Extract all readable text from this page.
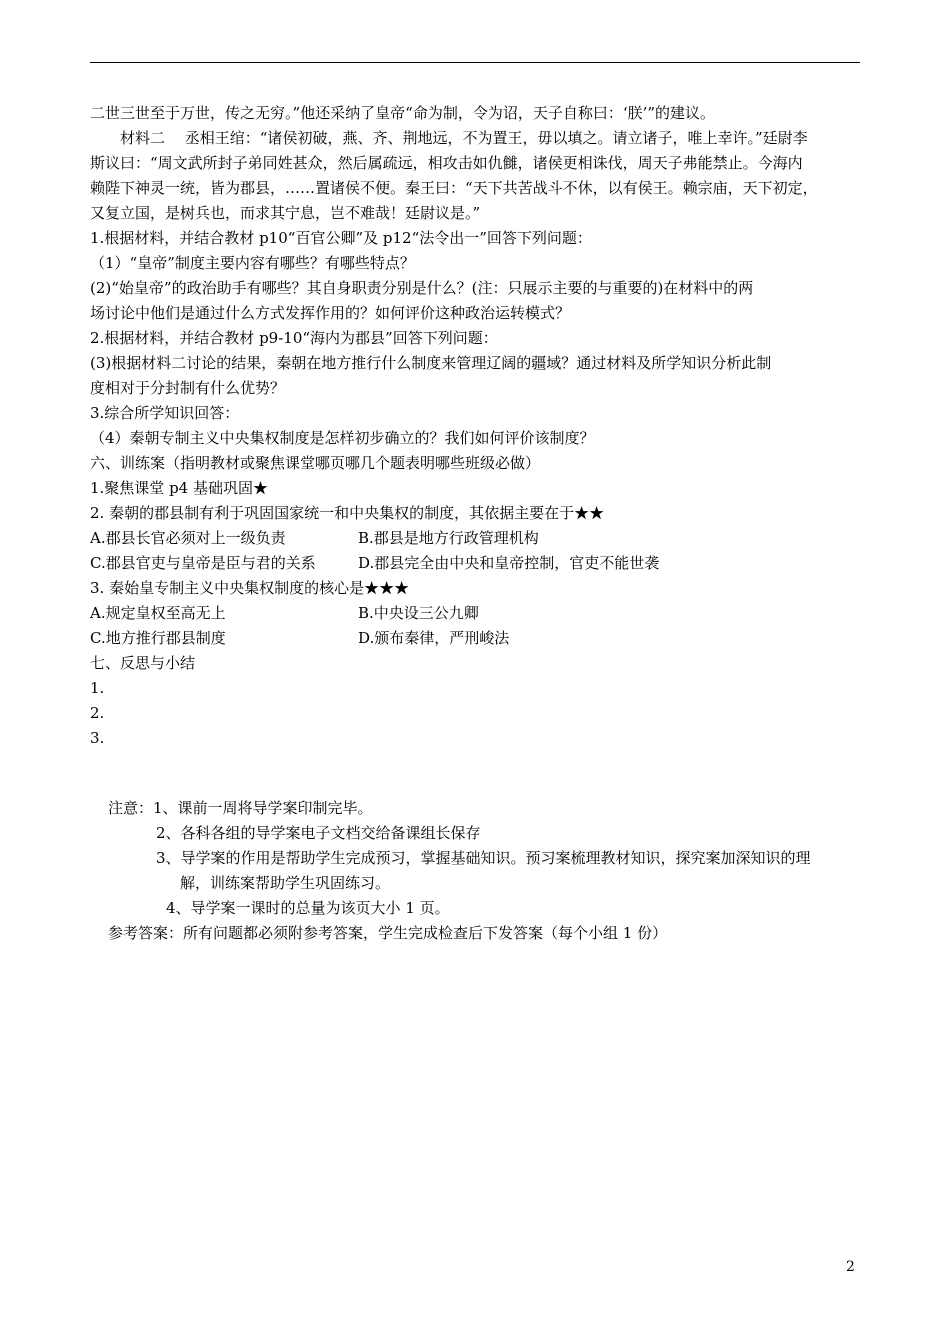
二世三世至于万世，传之无穷。”他还采纳了皇帝“命为制，令为诏，天子自称曰：‘朕’”的建议。
材料二　 丞相王绾：“诸侯初破，燕、齐、荆地远，不为置王，毋以填之。请立诸子，唯上幸许。”廷尉李
斯议曰：“周文武所封子弟同姓甚众，然后属疏远，相攻击如仇雠，诸侯更相诛伐，周天子弗能禁止。今海内
赖陛下神灵一统，皆为郡县，……置诸侯不便。秦王曰：“天下共苦战斗不休，以有侯王。赖宗庙，天下初定，
又复立国，是树兵也，而求其宁息，岂不难哉！廷尉议是。”
1.根据材料，并结合教材 p10“百官公卿”及 p12“法令出一”回答下列问题：
（1）“皇帝”制度主要内容有哪些？有哪些特点？
(2)“始皇帝”的政治助手有哪些？其自身职责分别是什么？(注：只展示主要的与重要的)在材料中的两
场讨论中他们是通过什么方式发挥作用的？如何评价这种政治运转模式？
2.根据材料，并结合教材 p9-10“海内为郡县”回答下列问题：
(3)根据材料二讨论的结果，秦朝在地方推行什么制度来管理辽阔的疆域？通过材料及所学知识分析此制
度相对于分封制有什么优势？
3.综合所学知识回答：
（4）秦朝专制主义中央集权制度是怎样初步确立的？我们如何评价该制度？
六、训练案（指明教材或聚焦课堂哪页哪几个题表明哪些班级必做）
1.聚焦课堂 p4 基础巩固★
2. 秦朝的郡县制有利于巩固国家统一和中央集权的制度，其依据主要在于★★
A.郡县长官必须对上一级负责	B.郡县是地方行政管理机构
C.郡县官吏与皇帝是臣与君的关系	D.郡县完全由中央和皇帝控制，官吏不能世袭
3. 秦始皇专制主义中央集权制度的核心是★★★
A.规定皇权至高无上	B.中央设三公九卿
C.地方推行郡县制度	D.颁布秦律，严刑峻法
七、反思与小结
1.
2.
3.
注意：1、课前一周将导学案印制完毕。
2、各科各组的导学案电子文档交给备课组长保存
3、导学案的作用是帮助学生完成预习，掌握基础知识。预习案梳理教材知识，探究案加深知识的理
解，训练案帮助学生巩固练习。
4、导学案一课时的总量为该页大小 1 页。
参考答案：所有问题都必须附参考答案，学生完成检查后下发答案（每个小组 1 份）
2
